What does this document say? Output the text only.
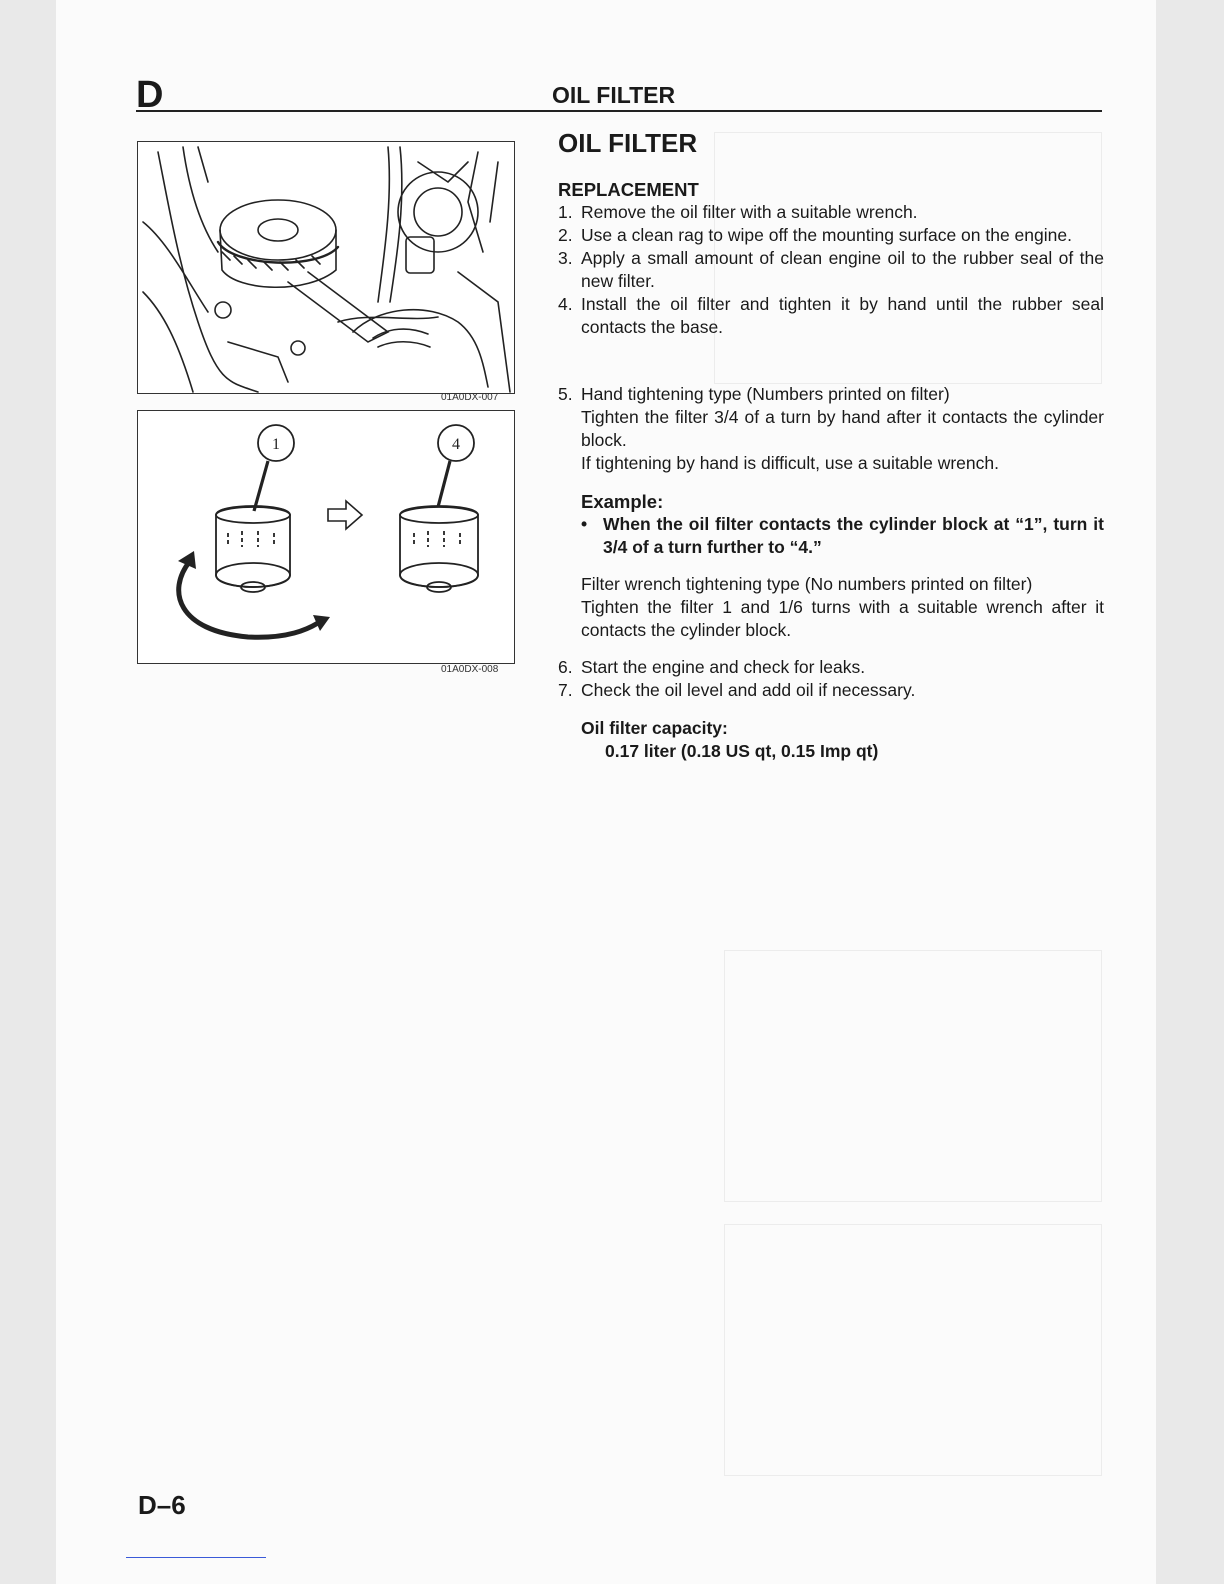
D	OIL FILTER
01A0DX-007
1	4
01A0DX-008
OIL FILTER
REPLACEMENT
1. Remove the oil filter with a suitable wrench.
2. Use a clean rag to wipe off the mounting surface on the engine.
3. Apply a small amount of clean engine oil to the rubber seal of the new filter.
4. Install the oil filter and tighten it by hand until the rubber seal contacts the base.
5. Hand tightening type (Numbers printed on filter)
Tighten the filter 3/4 of a turn by hand after it contacts the cylinder block.
If tightening by hand is difficult, use a suitable wrench.
Example:
• When the oil filter contacts the cylinder block at “1”, turn it 3/4 of a turn further to “4.”
Filter wrench tightening type (No numbers printed on filter)
Tighten the filter 1 and 1/6 turns with a suitable wrench after it contacts the cylinder block.
6. Start the engine and check for leaks.
7. Check the oil level and add oil if necessary.
Oil filter capacity:
0.17 liter (0.18 US qt, 0.15 Imp qt)
D–6
